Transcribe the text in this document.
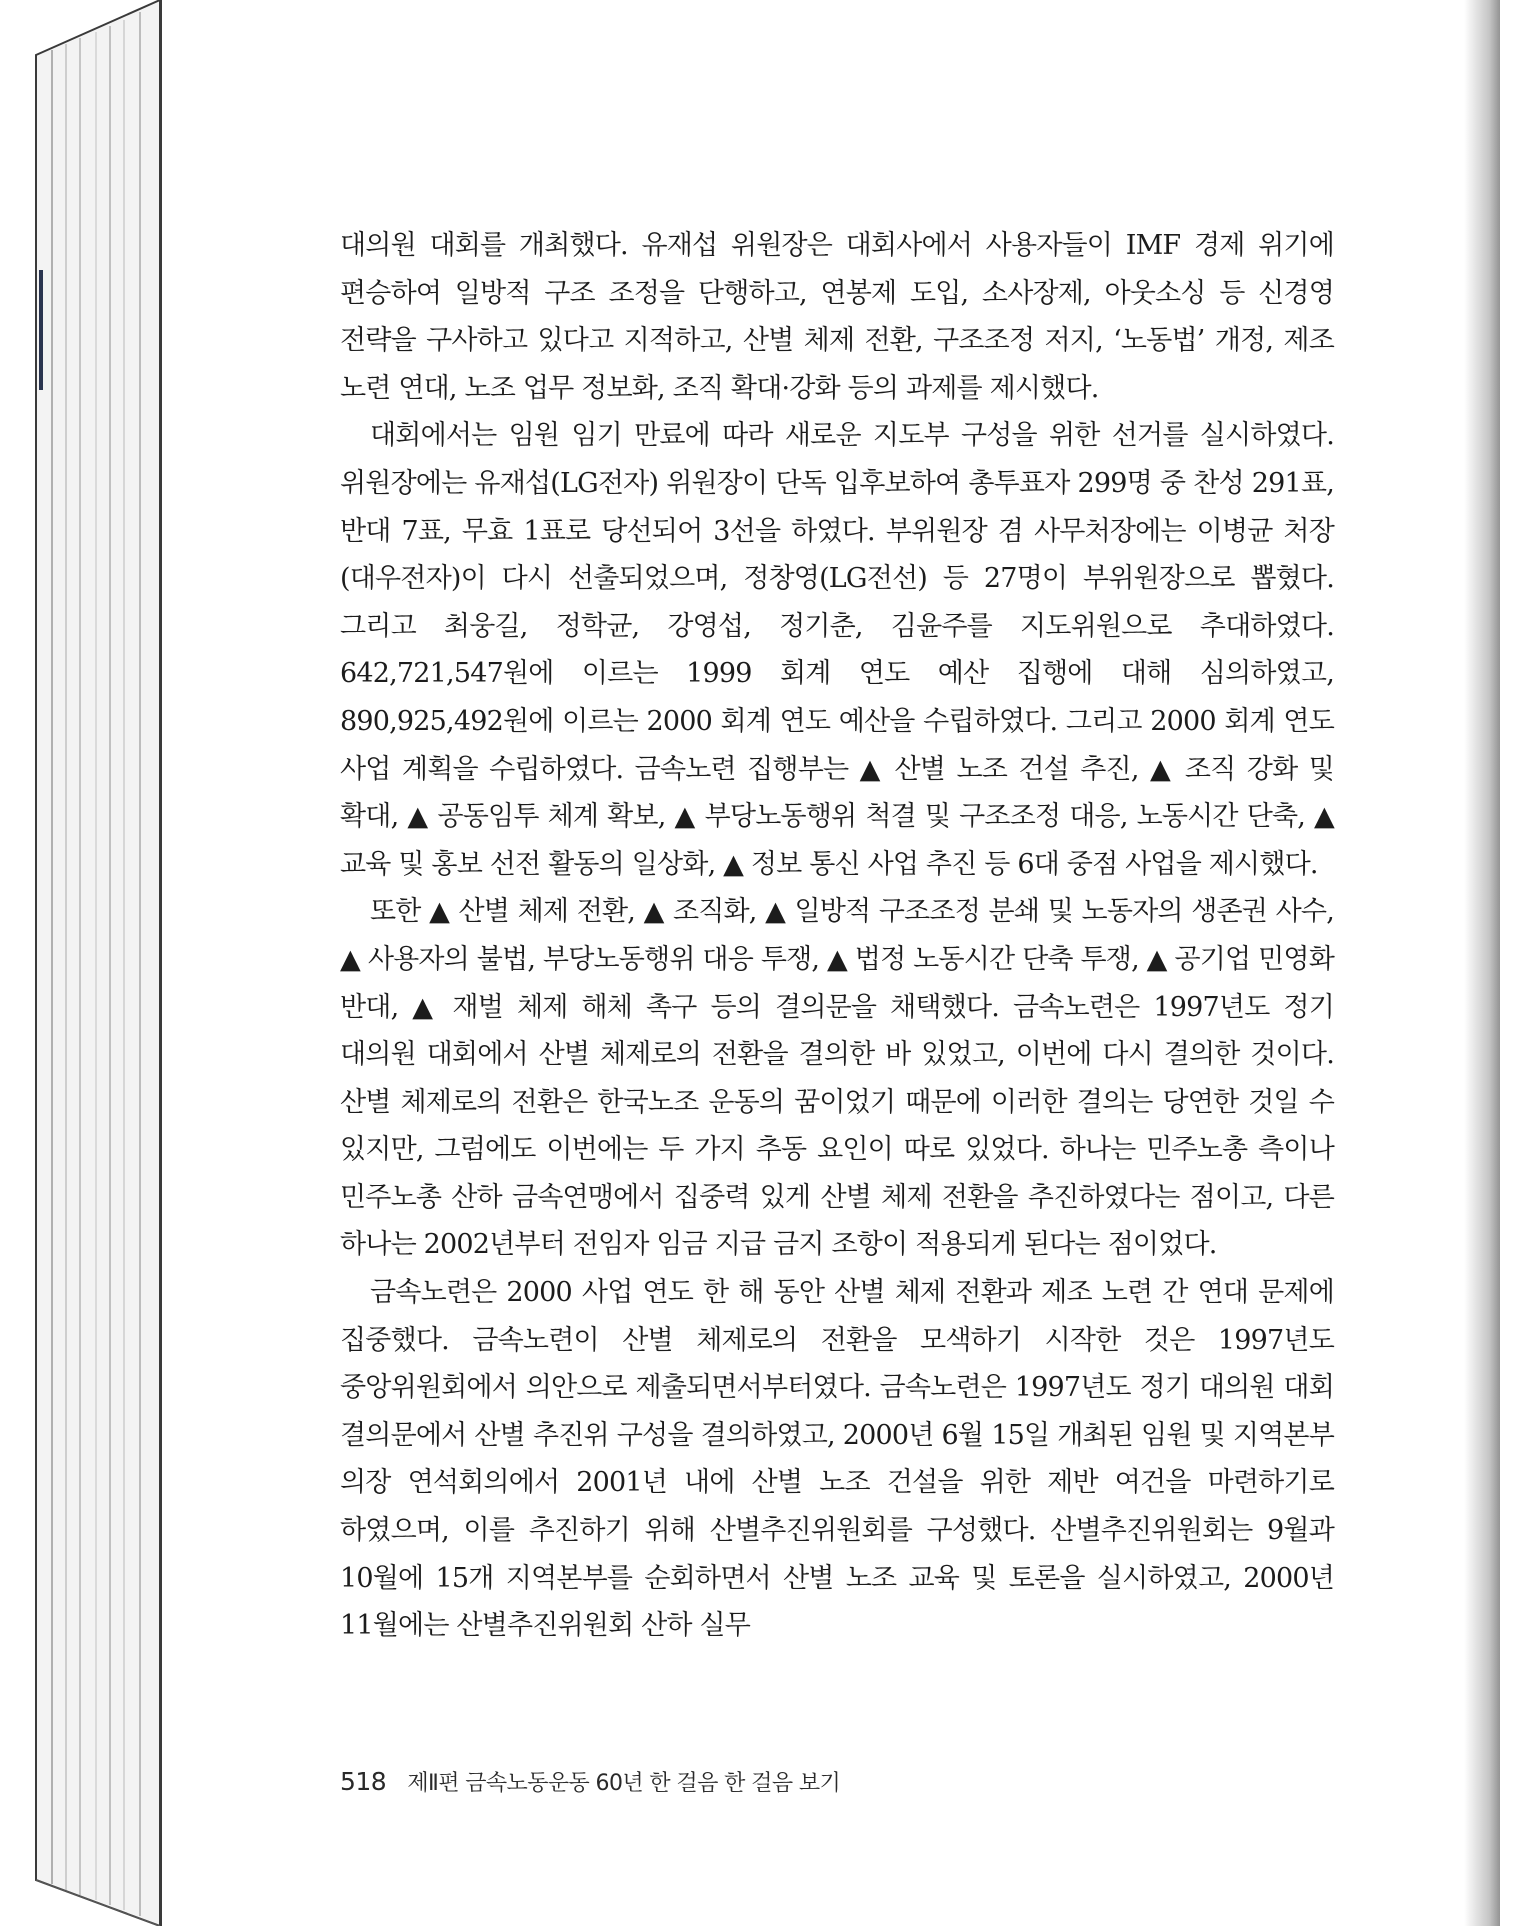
대의원 대회를 개최했다. 유재섭 위원장은 대회사에서 사용자들이 IMF 경제 위기에 편승하여 일방적 구조 조정을 단행하고, 연봉제 도입, 소사장제, 아웃소싱 등 신경영 전략을 구사하고 있다고 지적하고, 산별 체제 전환, 구조조정 저지, ‘노동법’ 개정, 제조 노련 연대, 노조 업무 정보화, 조직 확대·강화 등의 과제를 제시했다.

대회에서는 임원 임기 만료에 따라 새로운 지도부 구성을 위한 선거를 실시하였다. 위원장에는 유재섭(LG전자) 위원장이 단독 입후보하여 총투표자 299명 중 찬성 291표, 반대 7표, 무효 1표로 당선되어 3선을 하였다. 부위원장 겸 사무처장에는 이병균 처장(대우전자)이 다시 선출되었으며, 정창영(LG전선) 등 27명이 부위원장으로 뽑혔다. 그리고 최웅길, 정학균, 강영섭, 정기춘, 김윤주를 지도위원으로 추대하였다. 642,721,547원에 이르는 1999 회계 연도 예산 집행에 대해 심의하였고, 890,925,492원에 이르는 2000 회계 연도 예산을 수립하였다. 그리고 2000 회계 연도 사업 계획을 수립하였다. 금속노련 집행부는 ▲ 산별 노조 건설 추진, ▲ 조직 강화 및 확대, ▲ 공동임투 체계 확보, ▲ 부당노동행위 척결 및 구조조정 대응, 노동시간 단축, ▲ 교육 및 홍보 선전 활동의 일상화, ▲ 정보 통신 사업 추진 등 6대 중점 사업을 제시했다.

또한 ▲ 산별 체제 전환, ▲ 조직화, ▲ 일방적 구조조정 분쇄 및 노동자의 생존권 사수, ▲ 사용자의 불법, 부당노동행위 대응 투쟁, ▲ 법정 노동시간 단축 투쟁, ▲ 공기업 민영화 반대, ▲ 재벌 체제 해체 촉구 등의 결의문을 채택했다. 금속노련은 1997년도 정기 대의원 대회에서 산별 체제로의 전환을 결의한 바 있었고, 이번에 다시 결의한 것이다. 산별 체제로의 전환은 한국노조 운동의 꿈이었기 때문에 이러한 결의는 당연한 것일 수 있지만, 그럼에도 이번에는 두 가지 추동 요인이 따로 있었다. 하나는 민주노총 측이나 민주노총 산하 금속연맹에서 집중력 있게 산별 체제 전환을 추진하였다는 점이고, 다른 하나는 2002년부터 전임자 임금 지급 금지 조항이 적용되게 된다는 점이었다.

금속노련은 2000 사업 연도 한 해 동안 산별 체제 전환과 제조 노련 간 연대 문제에 집중했다. 금속노련이 산별 체제로의 전환을 모색하기 시작한 것은 1997년도 중앙위원회에서 의안으로 제출되면서부터였다. 금속노련은 1997년도 정기 대의원 대회 결의문에서 산별 추진위 구성을 결의하였고, 2000년 6월 15일 개최된 임원 및 지역본부 의장 연석회의에서 2001년 내에 산별 노조 건설을 위한 제반 여건을 마련하기로 하였으며, 이를 추진하기 위해 산별추진위원회를 구성했다. 산별추진위원회는 9월과 10월에 15개 지역본부를 순회하면서 산별 노조 교육 및 토론을 실시하였고, 2000년 11월에는 산별추진위원회 산하 실무

518 제Ⅱ편 금속노동운동 60년 한 걸음 한 걸음 보기
